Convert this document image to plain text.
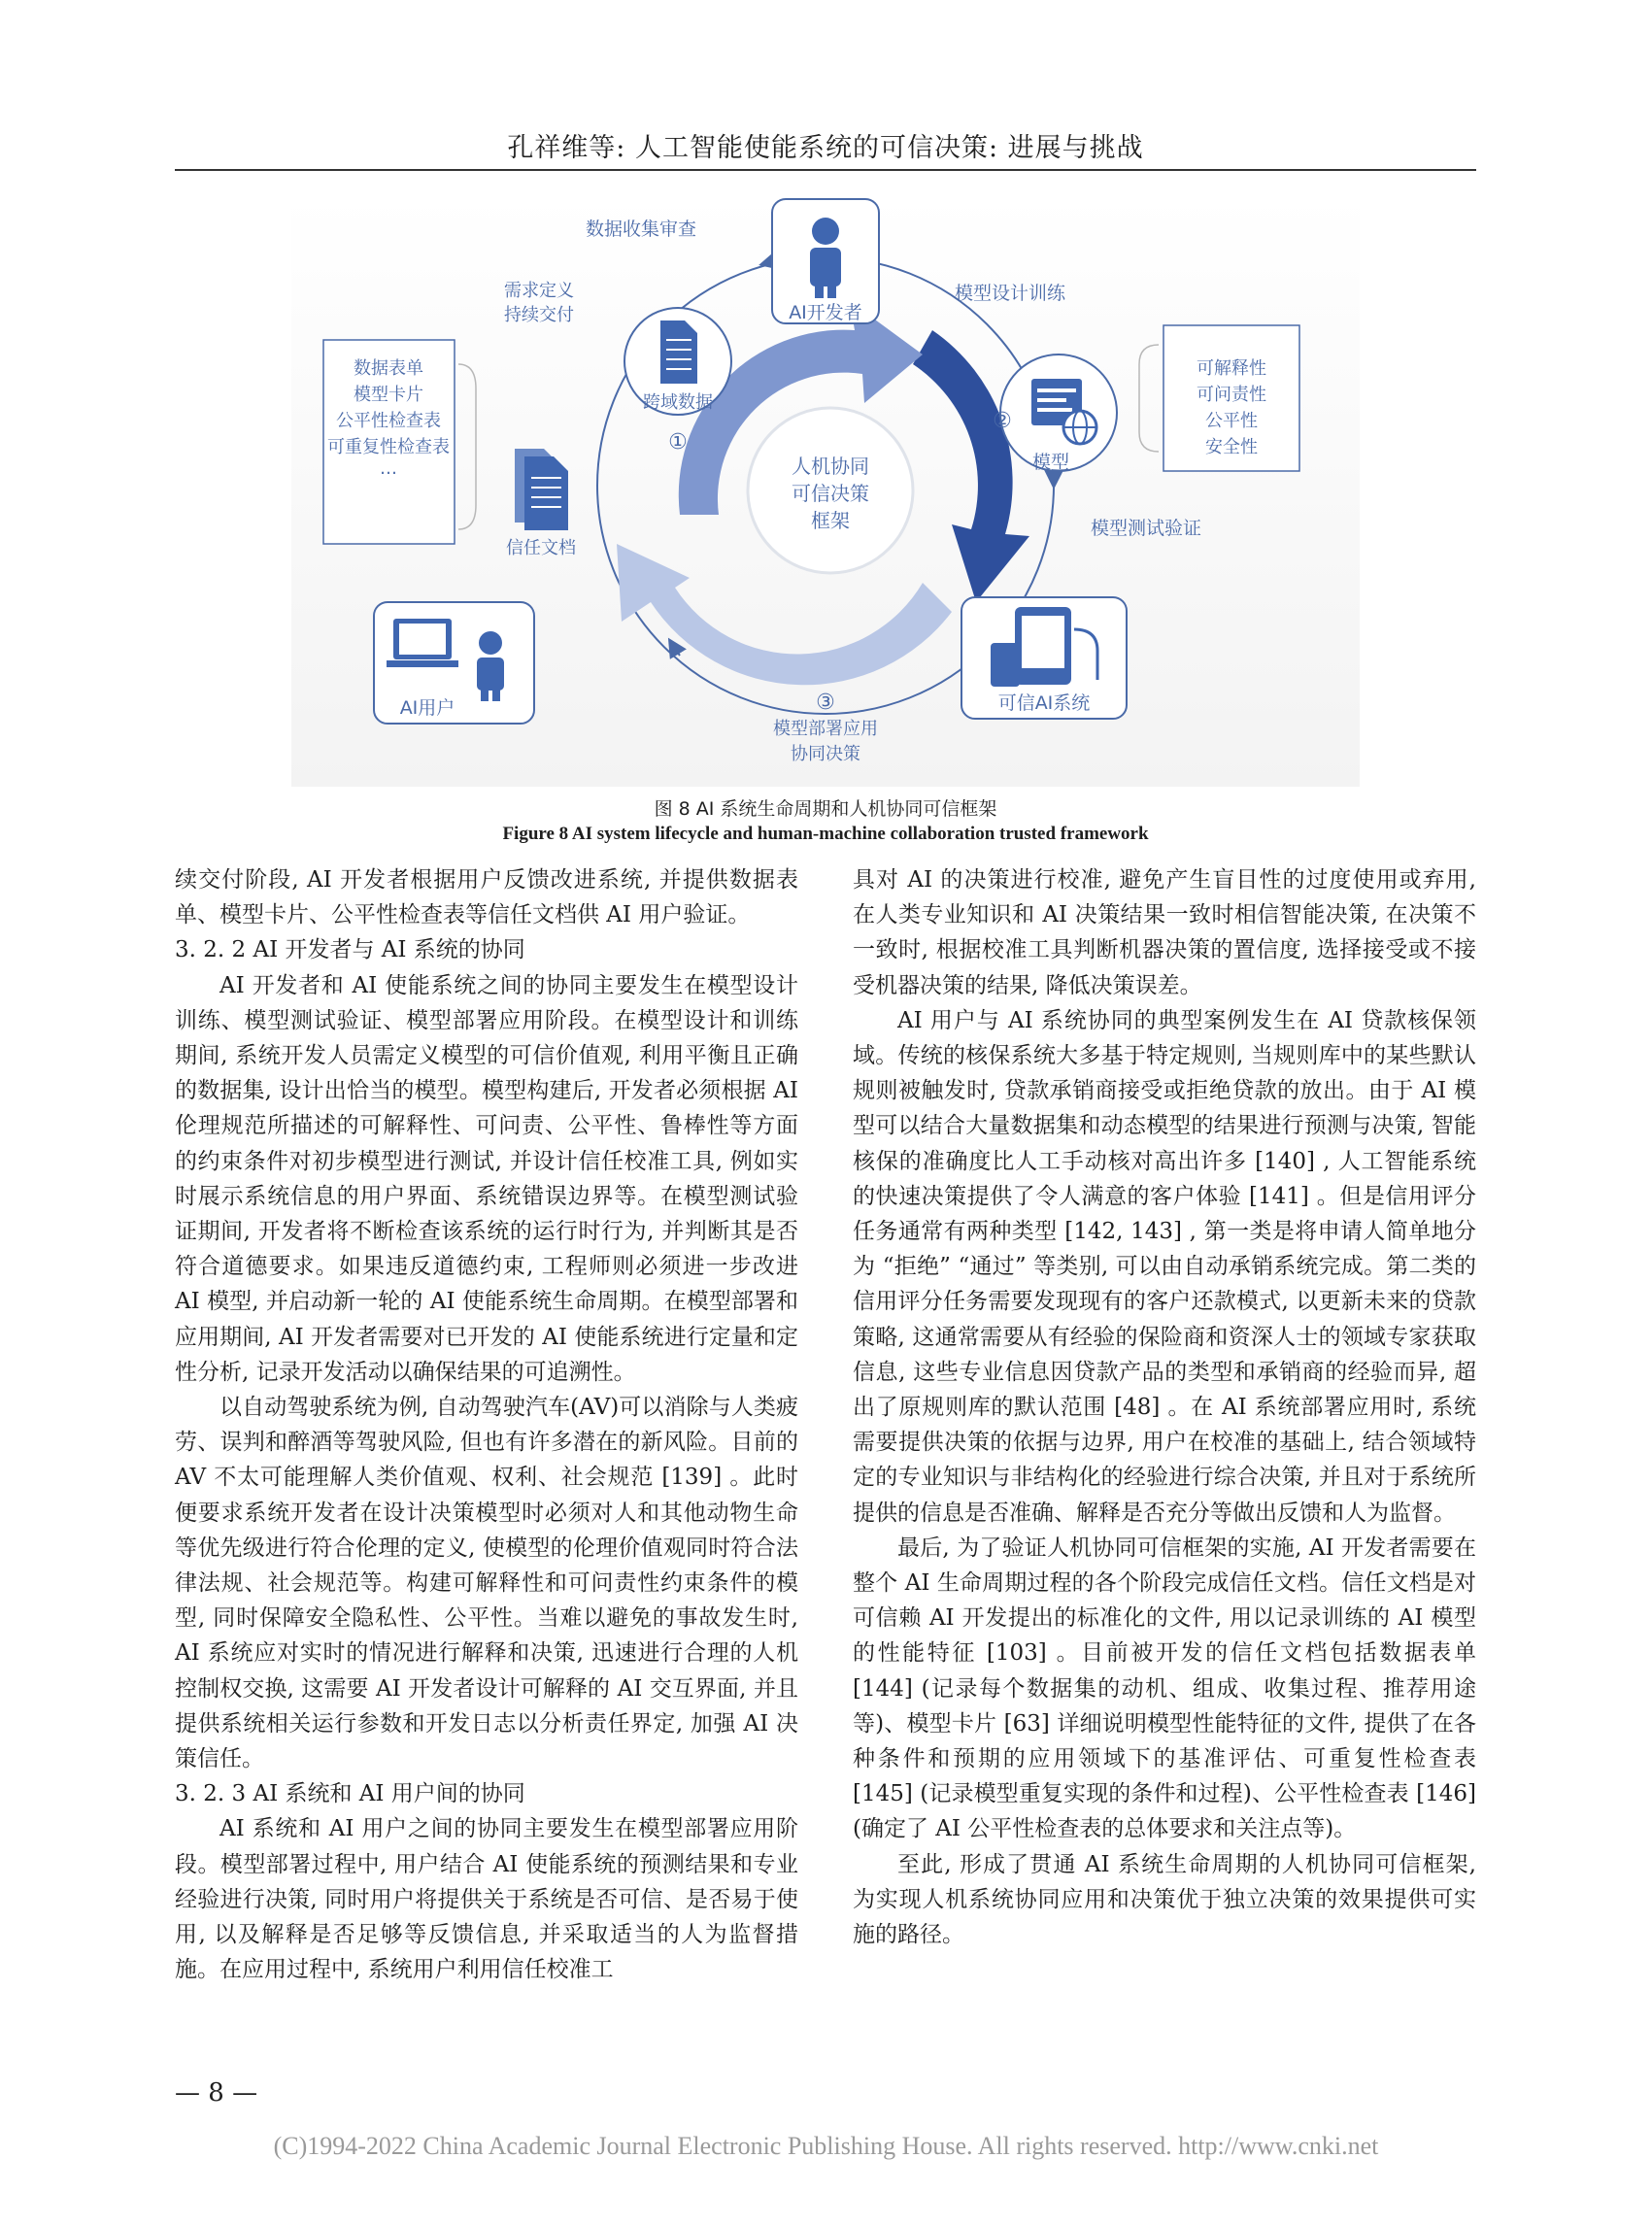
孔祥维等: 人工智能使能系统的可信决策: 进展与挑战
人机协同
可信决策
框架
AI开发者
模型
可信AI系统
AI用户
跨域数据
信任文档
数据表单
模型卡片
公平性检查表
可重复性检查表
…
可解释性
可问责性
公平性
安全性
数据收集审查
需求定义
持续交付
模型设计训练
模型测试验证
模型部署应用
协同决策
①
②
③
图 8 AI 系统生命周期和人机协同可信框架
Figure 8 AI system lifecycle and human-machine collaboration trusted framework

续交付阶段, AI 开发者根据用户反馈改进系统, 并提供数据表单、模型卡片、公平性检查表等信任文档供 AI 用户验证。

3. 2. 2 AI 开发者与 AI 系统的协同

AI 开发者和 AI 使能系统之间的协同主要发生在模型设计训练、模型测试验证、模型部署应用阶段。在模型设计和训练期间, 系统开发人员需定义模型的可信价值观, 利用平衡且正确的数据集, 设计出恰当的模型。模型构建后, 开发者必须根据 AI 伦理规范所描述的可解释性、可问责、公平性、鲁棒性等方面的约束条件对初步模型进行测试, 并设计信任校准工具, 例如实时展示系统信息的用户界面、系统错误边界等。在模型测试验证期间, 开发者将不断检查该系统的运行时行为, 并判断其是否符合道德要求。如果违反道德约束, 工程师则必须进一步改进 AI 模型, 并启动新一轮的 AI 使能系统生命周期。在模型部署和应用期间, AI 开发者需要对已开发的 AI 使能系统进行定量和定性分析, 记录开发活动以确保结果的可追溯性。

以自动驾驶系统为例, 自动驾驶汽车(AV)可以消除与人类疲劳、误判和醉酒等驾驶风险, 但也有许多潜在的新风险。目前的 AV 不太可能理解人类价值观、权利、社会规范 [139] 。此时便要求系统开发者在设计决策模型时必须对人和其他动物生命等优先级进行符合伦理的定义, 使模型的伦理价值观同时符合法律法规、社会规范等。构建可解释性和可问责性约束条件的模型, 同时保障安全隐私性、公平性。当难以避免的事故发生时, AI 系统应对实时的情况进行解释和决策, 迅速进行合理的人机控制权交换, 这需要 AI 开发者设计可解释的 AI 交互界面, 并且提供系统相关运行参数和开发日志以分析责任界定, 加强 AI 决策信任。

3. 2. 3 AI 系统和 AI 用户间的协同

AI 系统和 AI 用户之间的协同主要发生在模型部署应用阶段。模型部署过程中, 用户结合 AI 使能系统的预测结果和专业经验进行决策, 同时用户将提供关于系统是否可信、是否易于使用, 以及解释是否足够等反馈信息, 并采取适当的人为监督措施。在应用过程中, 系统用户利用信任校准工

具对 AI 的决策进行校准, 避免产生盲目性的过度使用或弃用, 在人类专业知识和 AI 决策结果一致时相信智能决策, 在决策不一致时, 根据校准工具判断机器决策的置信度, 选择接受或不接受机器决策的结果, 降低决策误差。

AI 用户与 AI 系统协同的典型案例发生在 AI 贷款核保领域。传统的核保系统大多基于特定规则, 当规则库中的某些默认规则被触发时, 贷款承销商接受或拒绝贷款的放出。由于 AI 模型可以结合大量数据集和动态模型的结果进行预测与决策, 智能核保的准确度比人工手动核对高出许多 [140] , 人工智能系统的快速决策提供了令人满意的客户体验 [141] 。但是信用评分任务通常有两种类型 [142, 143] , 第一类是将申请人简单地分为 “拒绝” “通过” 等类别, 可以由自动承销系统完成。第二类的信用评分任务需要发现现有的客户还款模式, 以更新未来的贷款策略, 这通常需要从有经验的保险商和资深人士的领域专家获取信息, 这些专业信息因贷款产品的类型和承销商的经验而异, 超出了原规则库的默认范围 [48] 。在 AI 系统部署应用时, 系统需要提供决策的依据与边界, 用户在校准的基础上, 结合领域特定的专业知识与非结构化的经验进行综合决策, 并且对于系统所提供的信息是否准确、解释是否充分等做出反馈和人为监督。

最后, 为了验证人机协同可信框架的实施, AI 开发者需要在整个 AI 生命周期过程的各个阶段完成信任文档。信任文档是对可信赖 AI 开发提出的标准化的文件, 用以记录训练的 AI 模型的性能特征 [103] 。目前被开发的信任文档包括数据表单 [144] (记录每个数据集的动机、组成、收集过程、推荐用途等)、模型卡片 [63] 详细说明模型性能特征的文件, 提供了在各种条件和预期的应用领域下的基准评估、可重复性检查表 [145] (记录模型重复实现的条件和过程)、公平性检查表 [146] (确定了 AI 公平性检查表的总体要求和关注点等)。

至此, 形成了贯通 AI 系统生命周期的人机协同可信框架, 为实现人机系统协同应用和决策优于独立决策的效果提供可实施的路径。

— 8 —
(C)1994-2022 China Academic Journal Electronic Publishing House. All rights reserved. http://www.cnki.net
